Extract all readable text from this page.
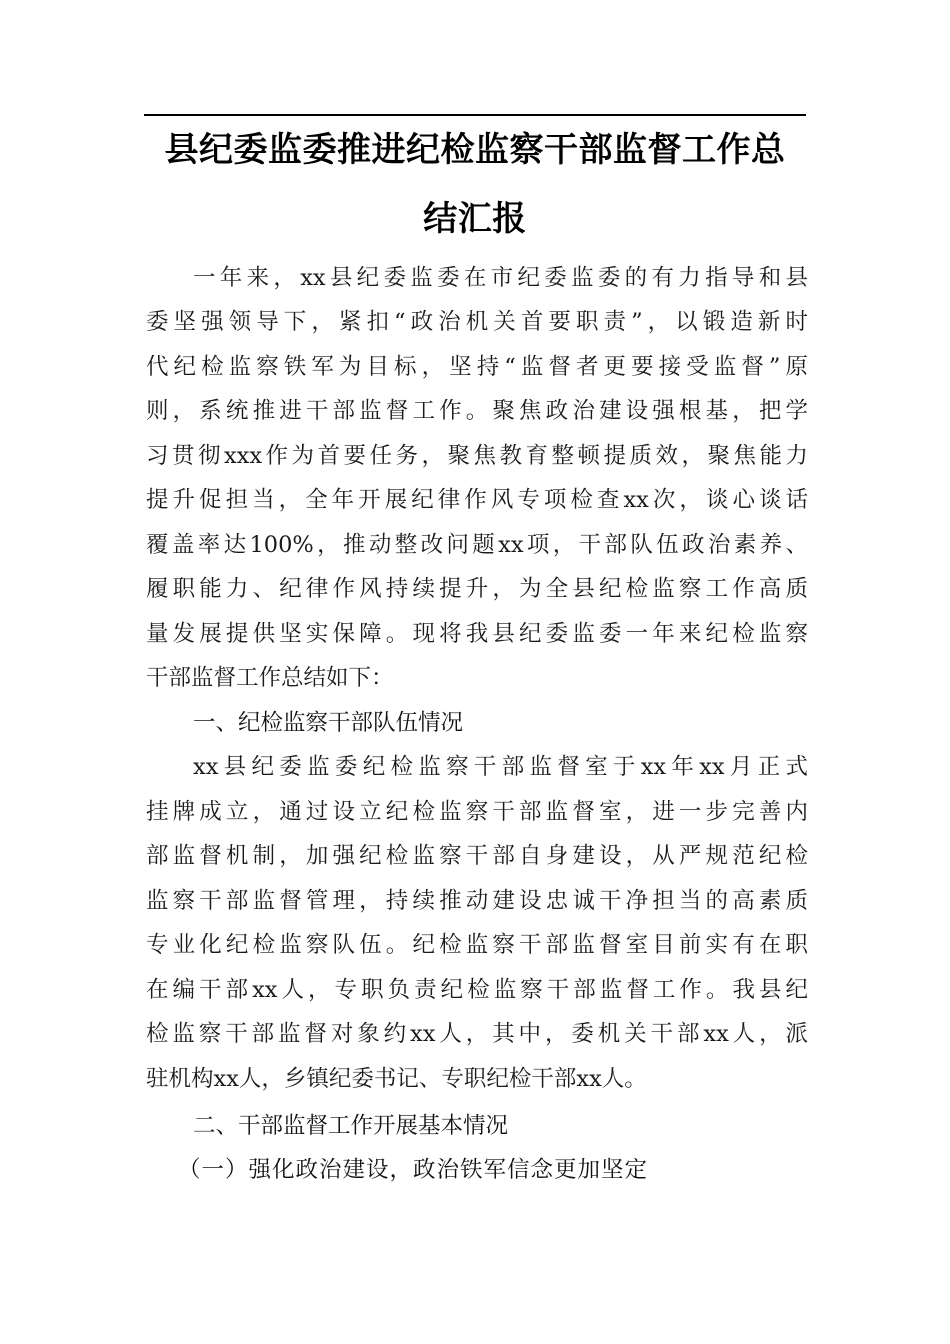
县纪委监委推进纪检监察干部监督工作总
结汇报
一年来，xx县纪委监委在市纪委监委的有力指导和县
委坚强领导下，紧扣“政治机关首要职责”，以锻造新时
代纪检监察铁军为目标，坚持“监督者更要接受监督”原
则，系统推进干部监督工作。聚焦政治建设强根基，把学
习贯彻xxx作为首要任务，聚焦教育整顿提质效，聚焦能力
提升促担当，全年开展纪律作风专项检查xx次，谈心谈话
覆盖率达100%，推动整改问题xx项，干部队伍政治素养、
履职能力、纪律作风持续提升，为全县纪检监察工作高质
量发展提供坚实保障。现将我县纪委监委一年来纪检监察
干部监督工作总结如下：
一、纪检监察干部队伍情况
xx县纪委监委纪检监察干部监督室于xx年xx月正式
挂牌成立，通过设立纪检监察干部监督室，进一步完善内
部监督机制，加强纪检监察干部自身建设，从严规范纪检
监察干部监督管理，持续推动建设忠诚干净担当的高素质
专业化纪检监察队伍。纪检监察干部监督室目前实有在职
在编干部xx人，专职负责纪检监察干部监督工作。我县纪
检监察干部监督对象约xx人，其中，委机关干部xx人，派
驻机构xx人，乡镇纪委书记、专职纪检干部xx人。
二、干部监督工作开展基本情况
（一）强化政治建设，政治铁军信念更加坚定
